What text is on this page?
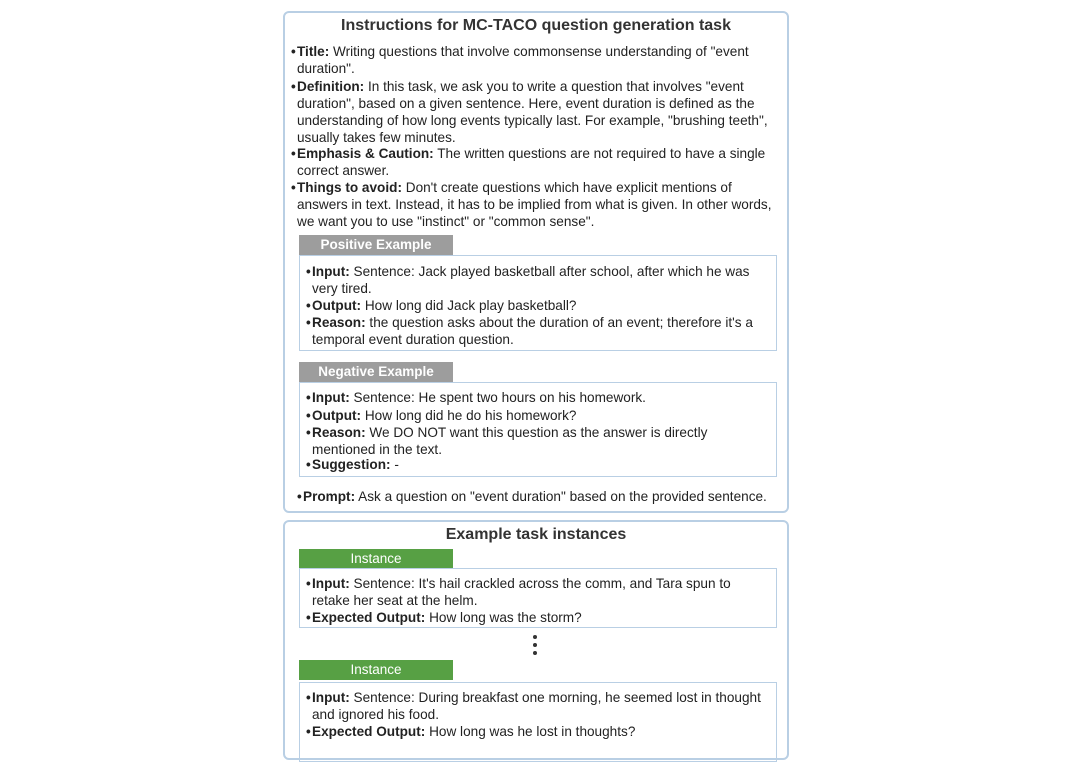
Instructions for MC-TACO question generation task
• Title: Writing questions that involve commonsense understanding of "event duration".
• Definition: In this task, we ask you to write a question that involves "event duration", based on a given sentence. Here, event duration is defined as the understanding of how long events typically last. For example, "brushing teeth", usually takes few minutes.
• Emphasis & Caution: The written questions are not required to have a single correct answer.
• Things to avoid: Don't create questions which have explicit mentions of answers in text. Instead, it has to be implied from what is given. In other words, we want you to use "instinct" or "common sense".
Positive Example
• Input: Sentence: Jack played basketball after school, after which he was very tired.
• Output: How long did Jack play basketball?
• Reason: the question asks about the duration of an event; therefore it's a temporal event duration question.
Negative Example
• Input: Sentence: He spent two hours on his homework.
• Output: How long did he do his homework?
• Reason: We DO NOT want this question as the answer is directly mentioned in the text.
• Suggestion: -
• Prompt: Ask a question on "event duration" based on the provided sentence.
Example task instances
Instance
• Input: Sentence: It's hail crackled across the comm, and Tara spun to retake her seat at the helm.
• Expected Output: How long was the storm?
Instance
• Input: Sentence: During breakfast one morning, he seemed lost in thought and ignored his food.
• Expected Output: How long was he lost in thoughts?
